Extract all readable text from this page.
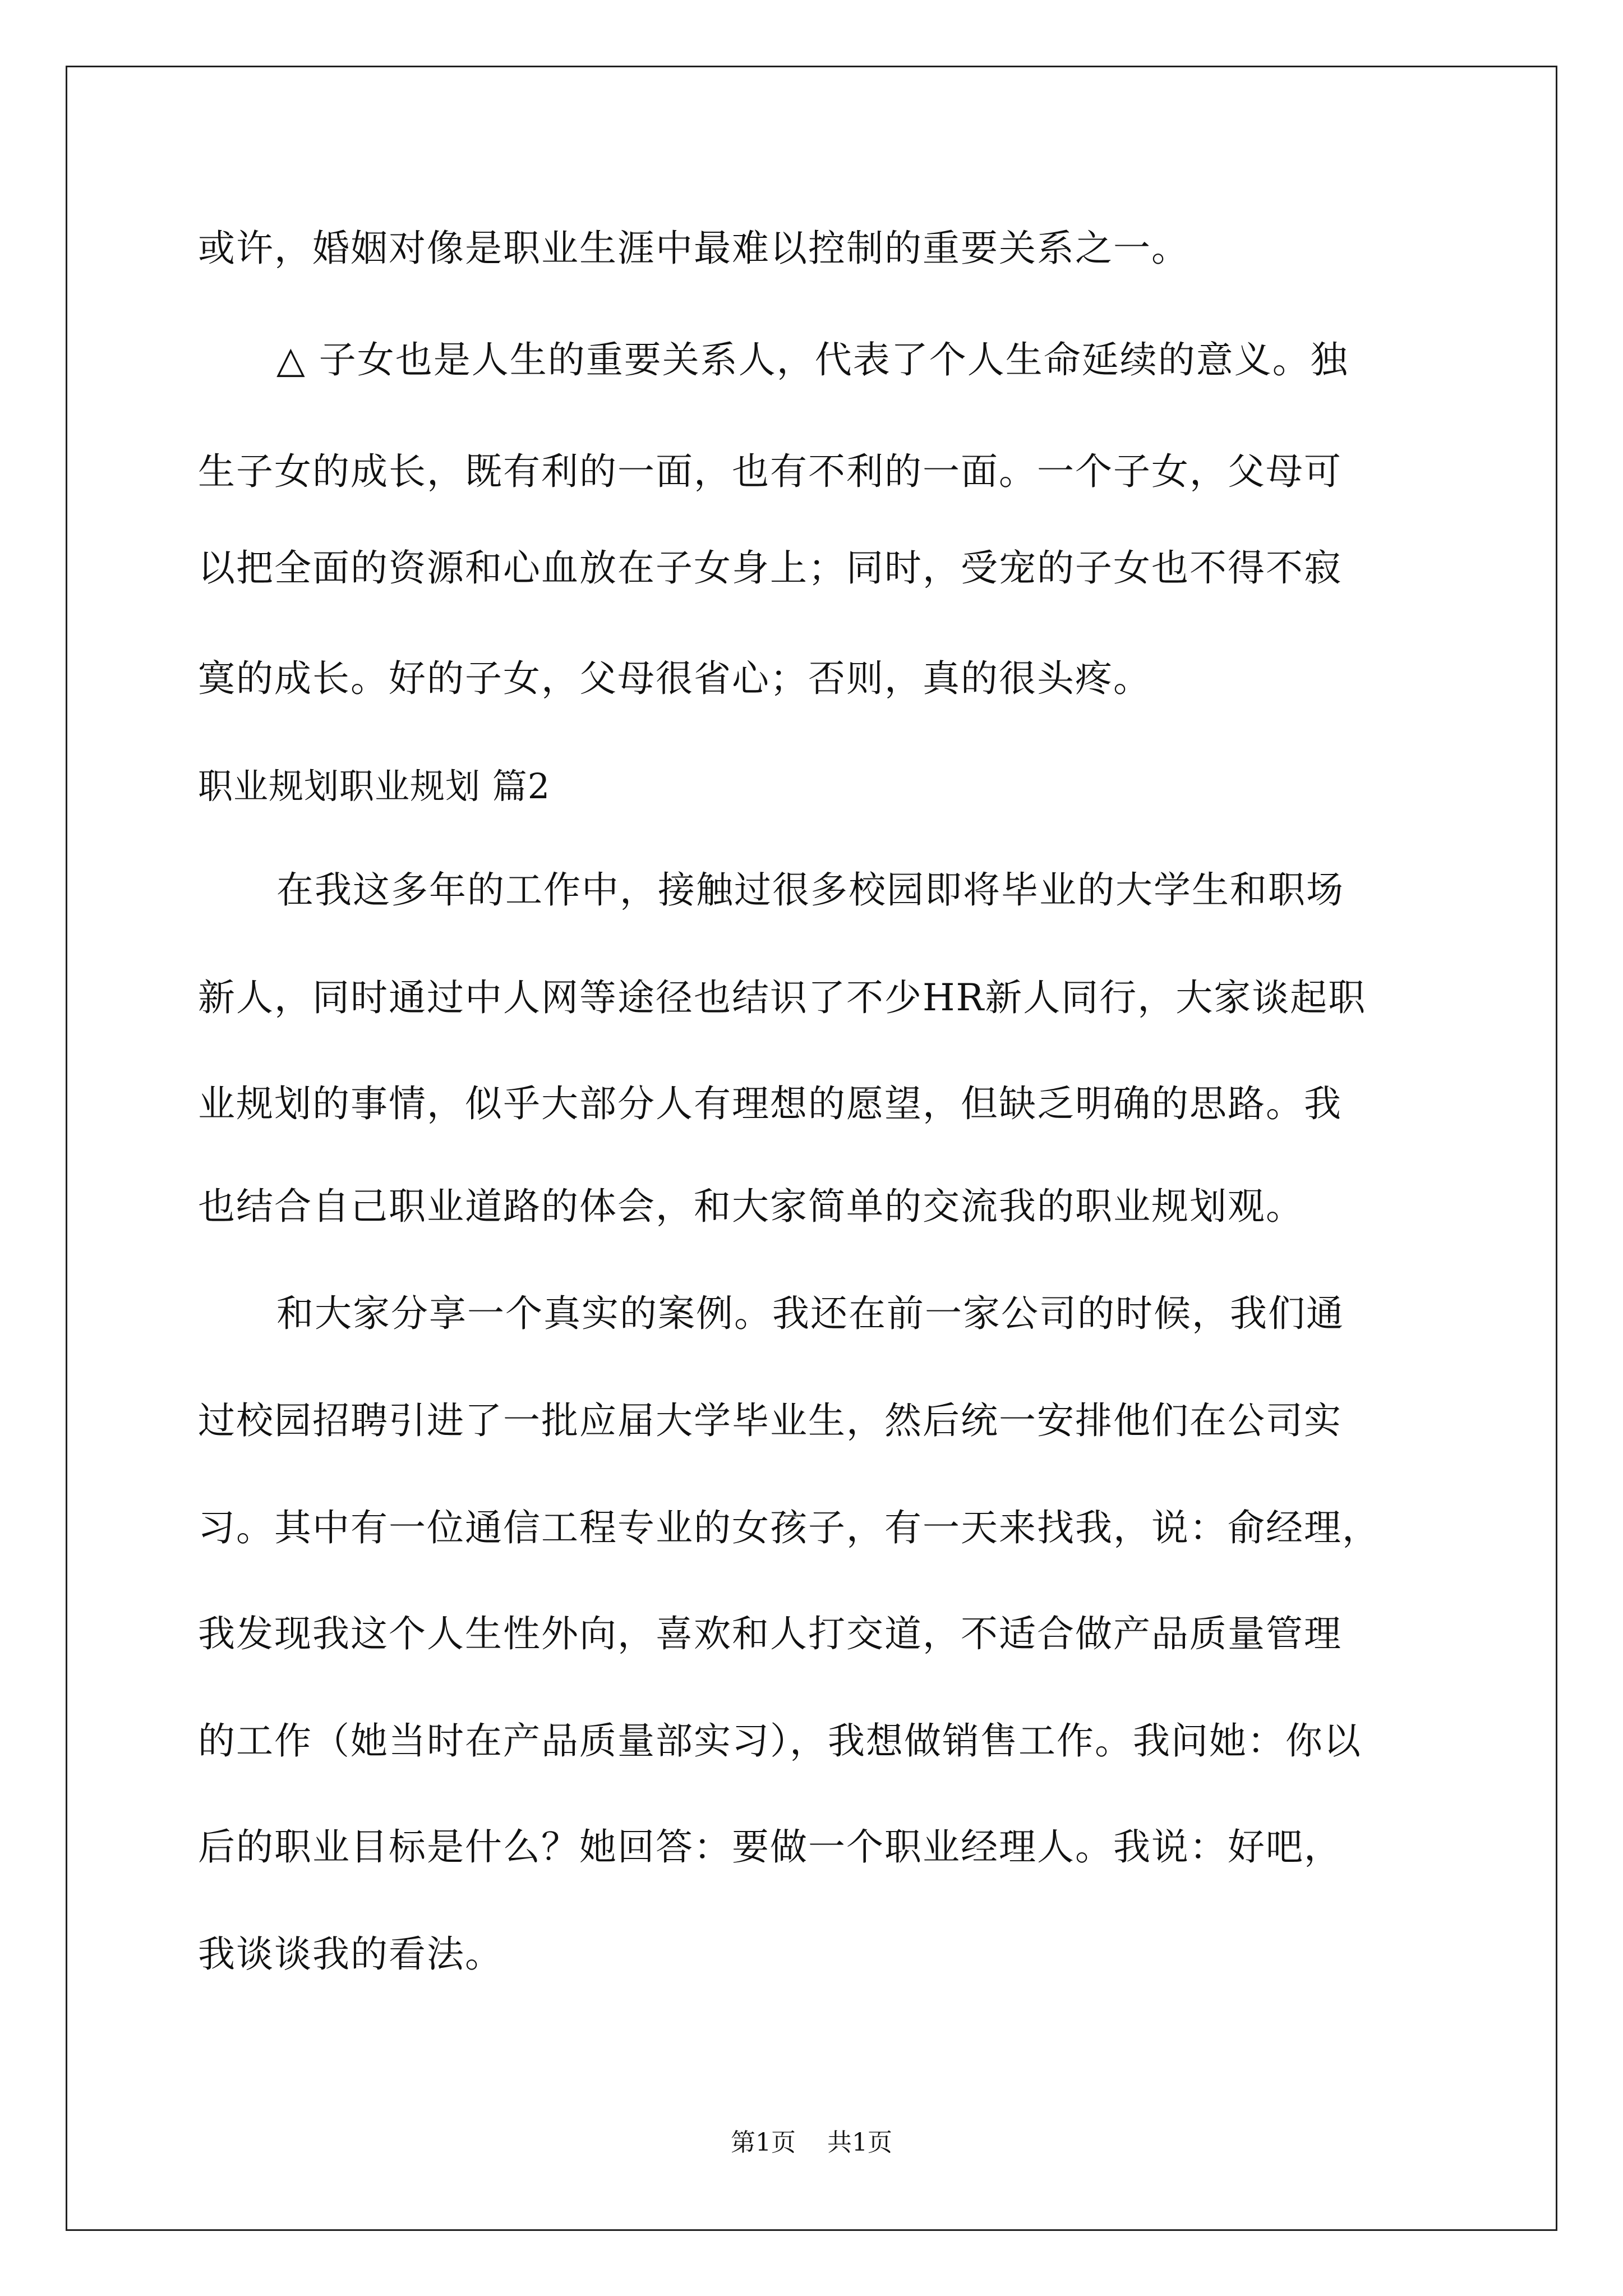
或许，婚姻对像是职业生涯中最难以控制的重要关系之一。
△ 子女也是人生的重要关系人，代表了个人生命延续的意义。独
生子女的成长，既有利的一面，也有不利的一面。一个子女，父母可
以把全面的资源和心血放在子女身上；同时，受宠的子女也不得不寂
寞的成长。好的子女，父母很省心；否则，真的很头疼。
职业规划职业规划 篇2
在我这多年的工作中，接触过很多校园即将毕业的大学生和职场
新人，同时通过中人网等途径也结识了不少HR新人同行，大家谈起职
业规划的事情，似乎大部分人有理想的愿望，但缺乏明确的思路。我
也结合自己职业道路的体会，和大家简单的交流我的职业规划观。
和大家分享一个真实的案例。我还在前一家公司的时候，我们通
过校园招聘引进了一批应届大学毕业生，然后统一安排他们在公司实
习。其中有一位通信工程专业的女孩子，有一天来找我，说：俞经理，
我发现我这个人生性外向，喜欢和人打交道，不适合做产品质量管理
的工作（她当时在产品质量部实习），我想做销售工作。我问她：你以
后的职业目标是什么？她回答：要做一个职业经理人。我说：好吧，
我谈谈我的看法。
第1页    共1页
